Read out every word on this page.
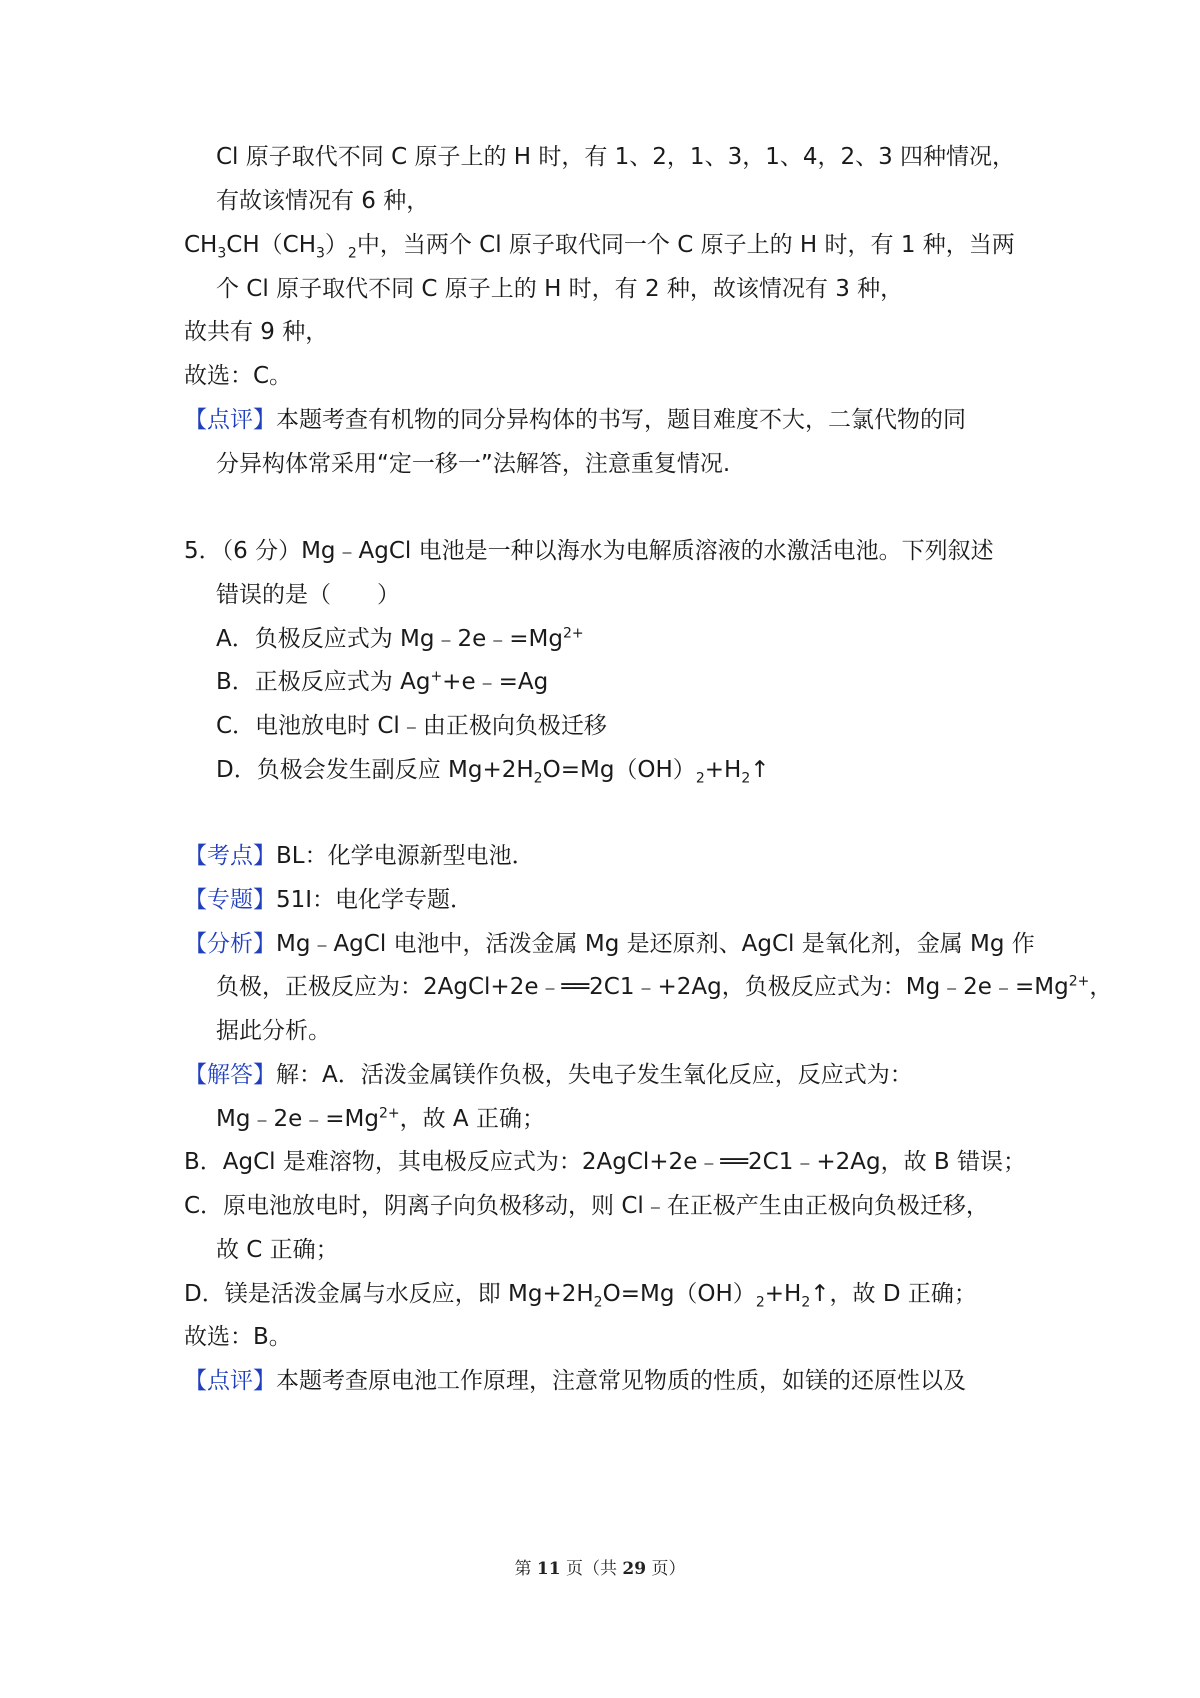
Cl 原子取代不同 C 原子上的 H 时，有 1、2，1、3，1、4，2、3 四种情况，
有故该情况有 6 种，
$CH_3CH(CH_3)_2$中，当两个 Cl 原子取代同一个 C 原子上的 H 时，有 1 种，当两
个 Cl 原子取代不同 C 原子上的 H 时，有 2 种，故该情况有 3 种，
故共有 9 种，
故选：C。
【点评】本题考查有机物的同分异构体的书写，题目难度不大，二氯代物的同
分异构体常采用“定一移一”法解答，注意重复情况.
5．（6 分）Mg﹣AgCl 电池是一种以海水为电解质溶液的水激活电池。下列叙述
错误的是（　　）
A．负极反应式为 $Mg﹣2e﹣=Mg^{2+}$
B．正极反应式为 Ag++e﹣=Ag
C．电池放电时 Cl﹣由正极向负极迁移
D．负极会发生副反应 $Mg+2H_2O=Mg(OH)_2+H_2↑$
【考点】BL：化学电源新型电池．
【专题】51I：电化学专题．
【分析】Mg﹣AgCl 电池中，活泼金属 Mg 是还原剂、AgCl 是氧化剂，金属 Mg 作
负极，正极反应为：2AgCl+2e﹣══2C1﹣+2Ag，负极反应式为：$Mg﹣2e﹣=Mg^{2+}$，
据此分析。
【解答】解：A．活泼金属镁作负极，失电子发生氧化反应，反应式为：
$Mg﹣2e﹣=Mg^{2+}$，故 A 正确；
B．AgCl 是难溶物，其电极反应式为：2AgCl+2e﹣══2C1﹣+2Ag，故 B 错误；
C．原电池放电时，阴离子向负极移动，则 Cl﹣在正极产生由正极向负极迁移，
故 C 正确；
D．镁是活泼金属与水反应，即 $Mg+2H_2O=Mg(OH)_2+H_2↑$，故 D 正确；
故选：B。
【点评】本题考查原电池工作原理，注意常见物质的性质，如镁的还原性以及
第 11 页（共 29 页）
